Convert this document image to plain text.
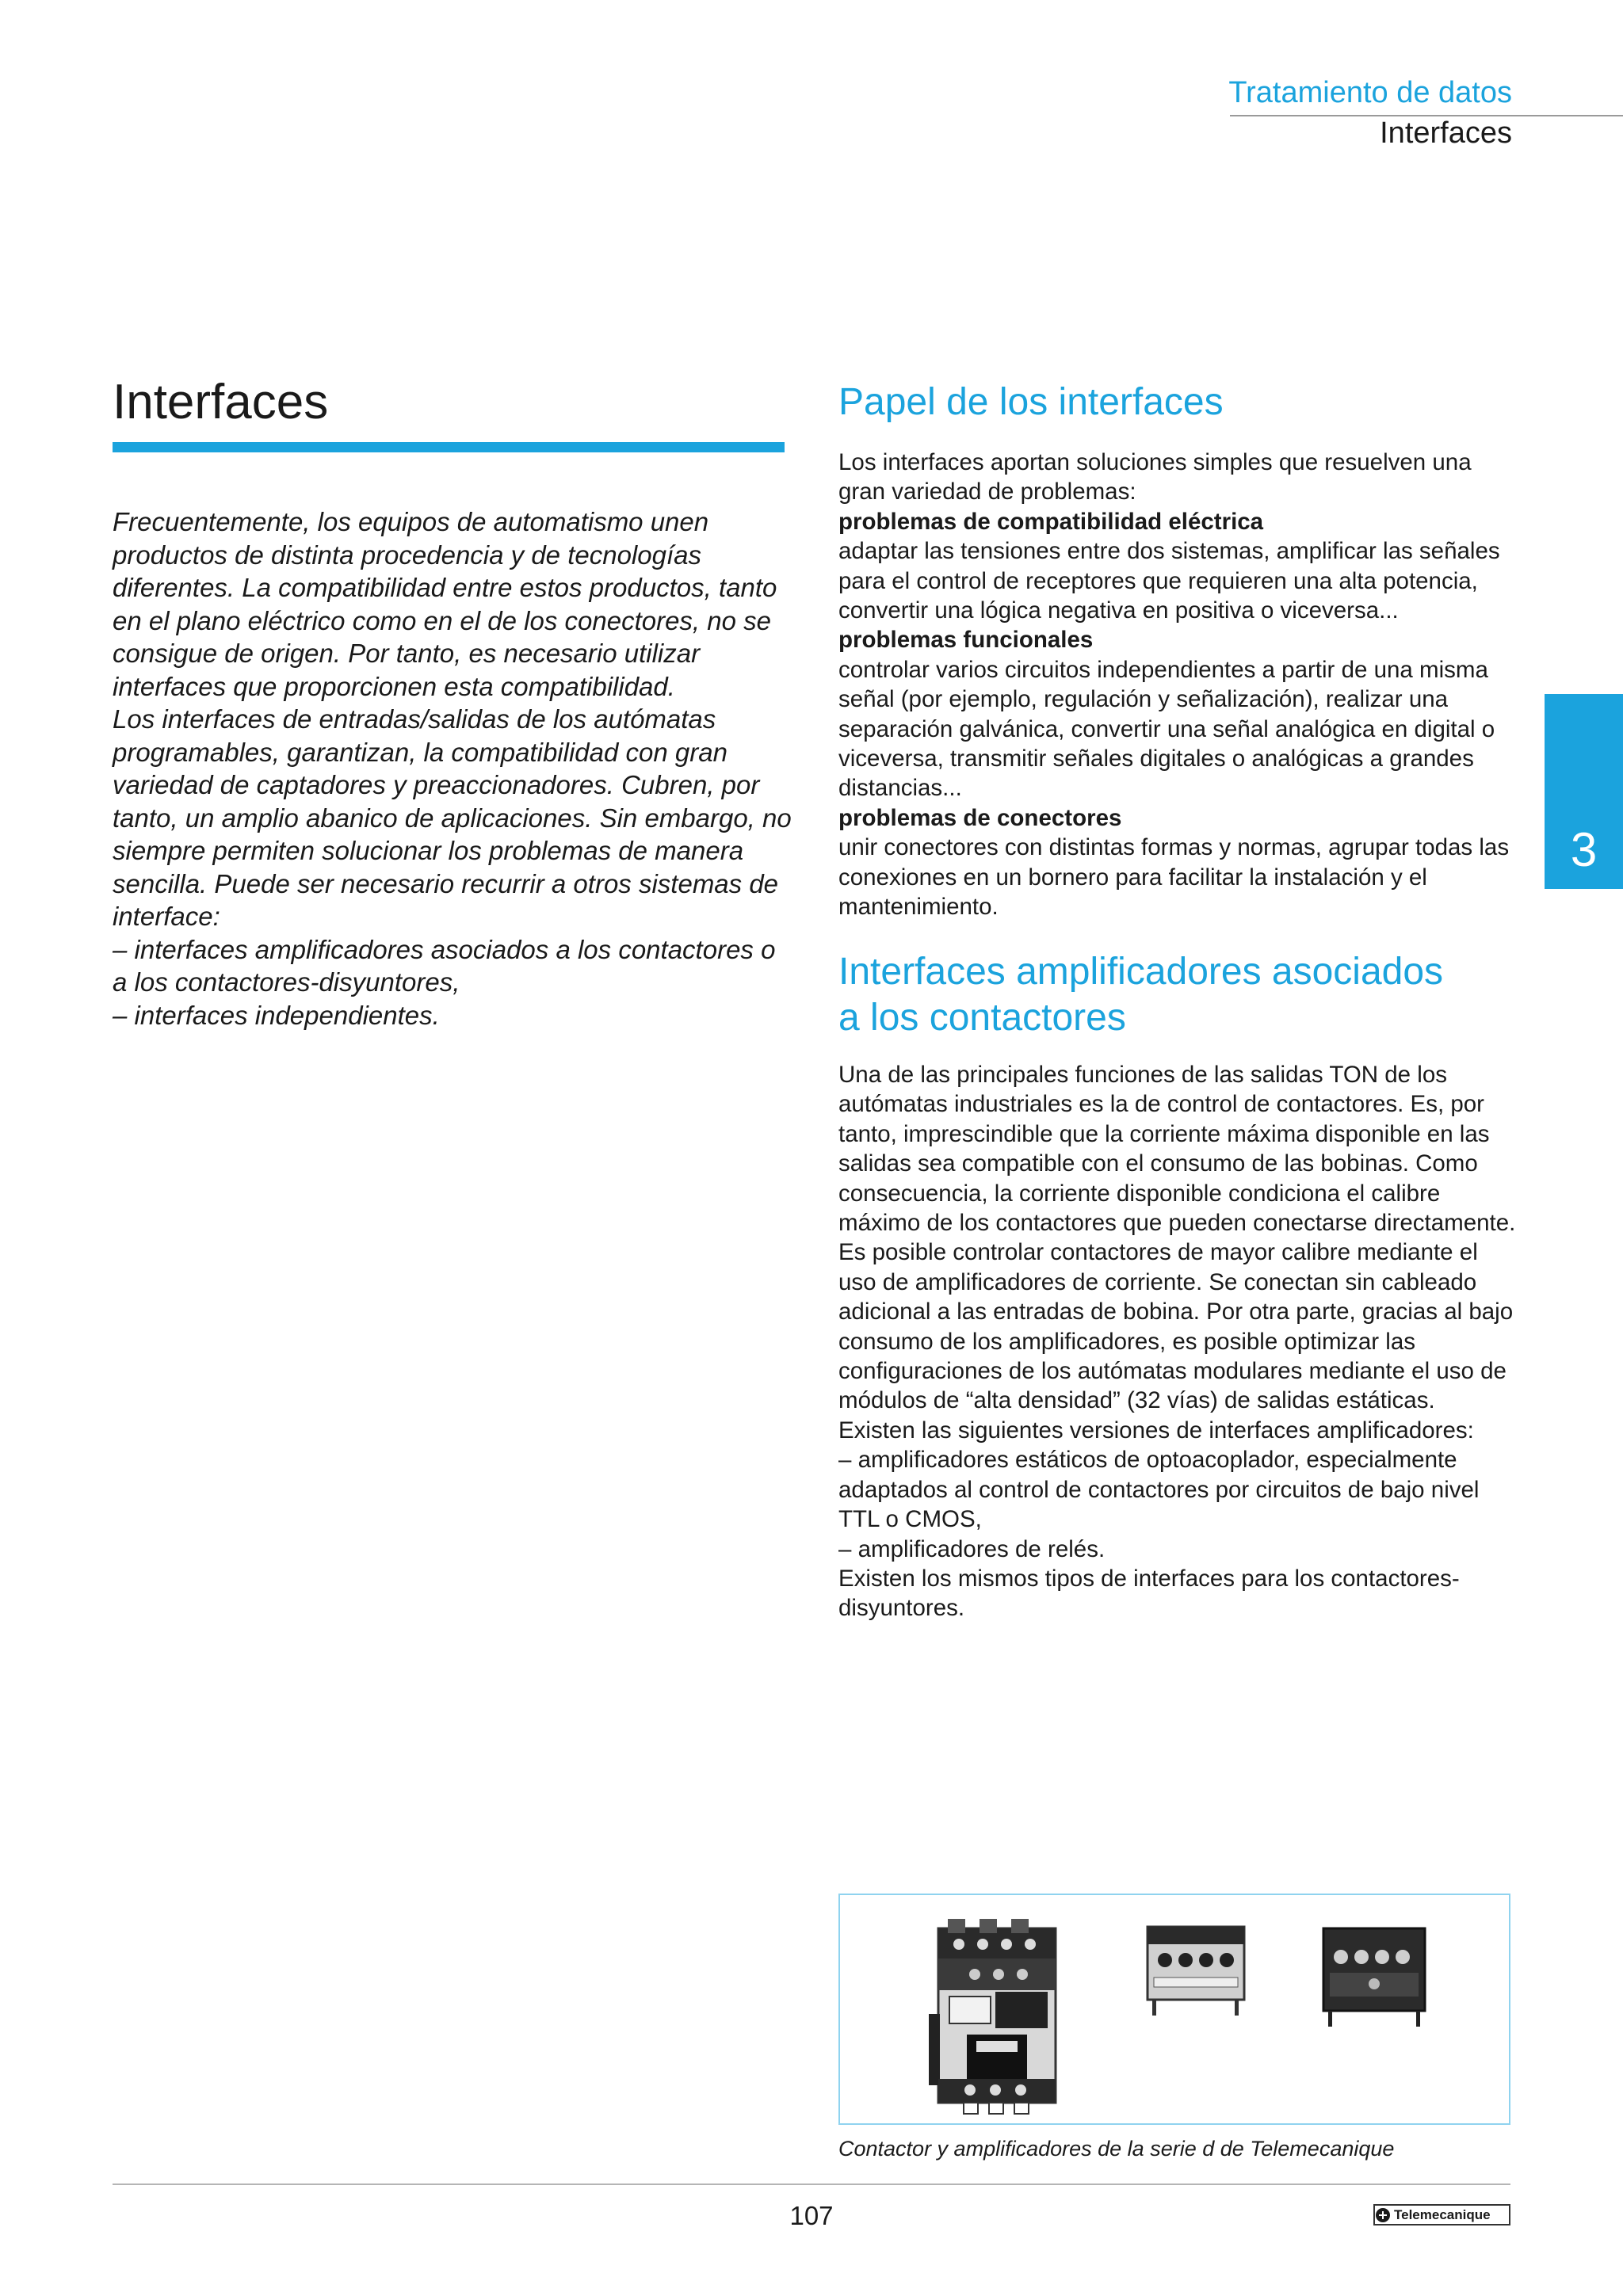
Tratamiento de datos
Interfaces
Interfaces

Frecuentemente, los equipos de automatismo unen productos de distinta procedencia y de tecnologías diferentes. La compatibilidad entre estos productos, tanto en el plano eléctrico como en el de los conectores, no se consigue de origen. Por tanto, es necesario utilizar interfaces que proporcionen esta compatibilidad.

Los interfaces de entradas/salidas de los autómatas programables, garantizan, la compatibilidad con gran variedad de captadores y preaccionadores. Cubren, por tanto, un amplio abanico de aplicaciones. Sin embargo, no siempre permiten solucionar los problemas de manera sencilla. Puede ser necesario recurrir a otros sistemas de interface:

– interfaces amplificadores asociados a los contactores o a los contactores-disyuntores,

– interfaces independientes.

Papel de los interfaces

Los interfaces aportan soluciones simples que resuelven una gran variedad de problemas:

problemas de compatibilidad eléctrica

adaptar las tensiones entre dos sistemas, amplificar las señales para el control de receptores que requieren una alta potencia, convertir una lógica negativa en positiva o viceversa...

problemas funcionales

controlar varios circuitos independientes a partir de una misma señal (por ejemplo, regulación y señalización), realizar una separación galvánica, convertir una señal analógica en digital o viceversa, transmitir señales digitales o analógicas a grandes distancias...

problemas de conectores

unir conectores con distintas formas y normas, agrupar todas las conexiones en un bornero para facilitar la instalación y el mantenimiento.

Interfaces amplificadores asociados
a los contactores

Una de las principales funciones de las salidas TON de los autómatas industriales es la de control de contactores. Es, por tanto, imprescindible que la corriente máxima disponible en las salidas sea compatible con el consumo de las bobinas. Como consecuencia, la corriente disponible condiciona el calibre máximo de los contactores que pueden conectarse directamente.

Es posible controlar contactores de mayor calibre mediante el uso de amplificadores de corriente. Se conectan sin cableado adicional a las entradas de bobina. Por otra parte, gracias al bajo consumo de los amplificadores, es posible optimizar las configuraciones de los autómatas modulares mediante el uso de módulos de “alta densidad” (32 vías) de salidas estáticas.

Existen las siguientes versiones de interfaces amplificadores:

– amplificadores estáticos de optoacoplador, especialmente adaptados al control de contactores por circuitos de bajo nivel TTL o CMOS,

– amplificadores de relés.

Existen los mismos tipos de interfaces para los contactores-disyuntores.

3
Contactor y amplificadores de la serie d de Telemecanique
107	Telemecanique
